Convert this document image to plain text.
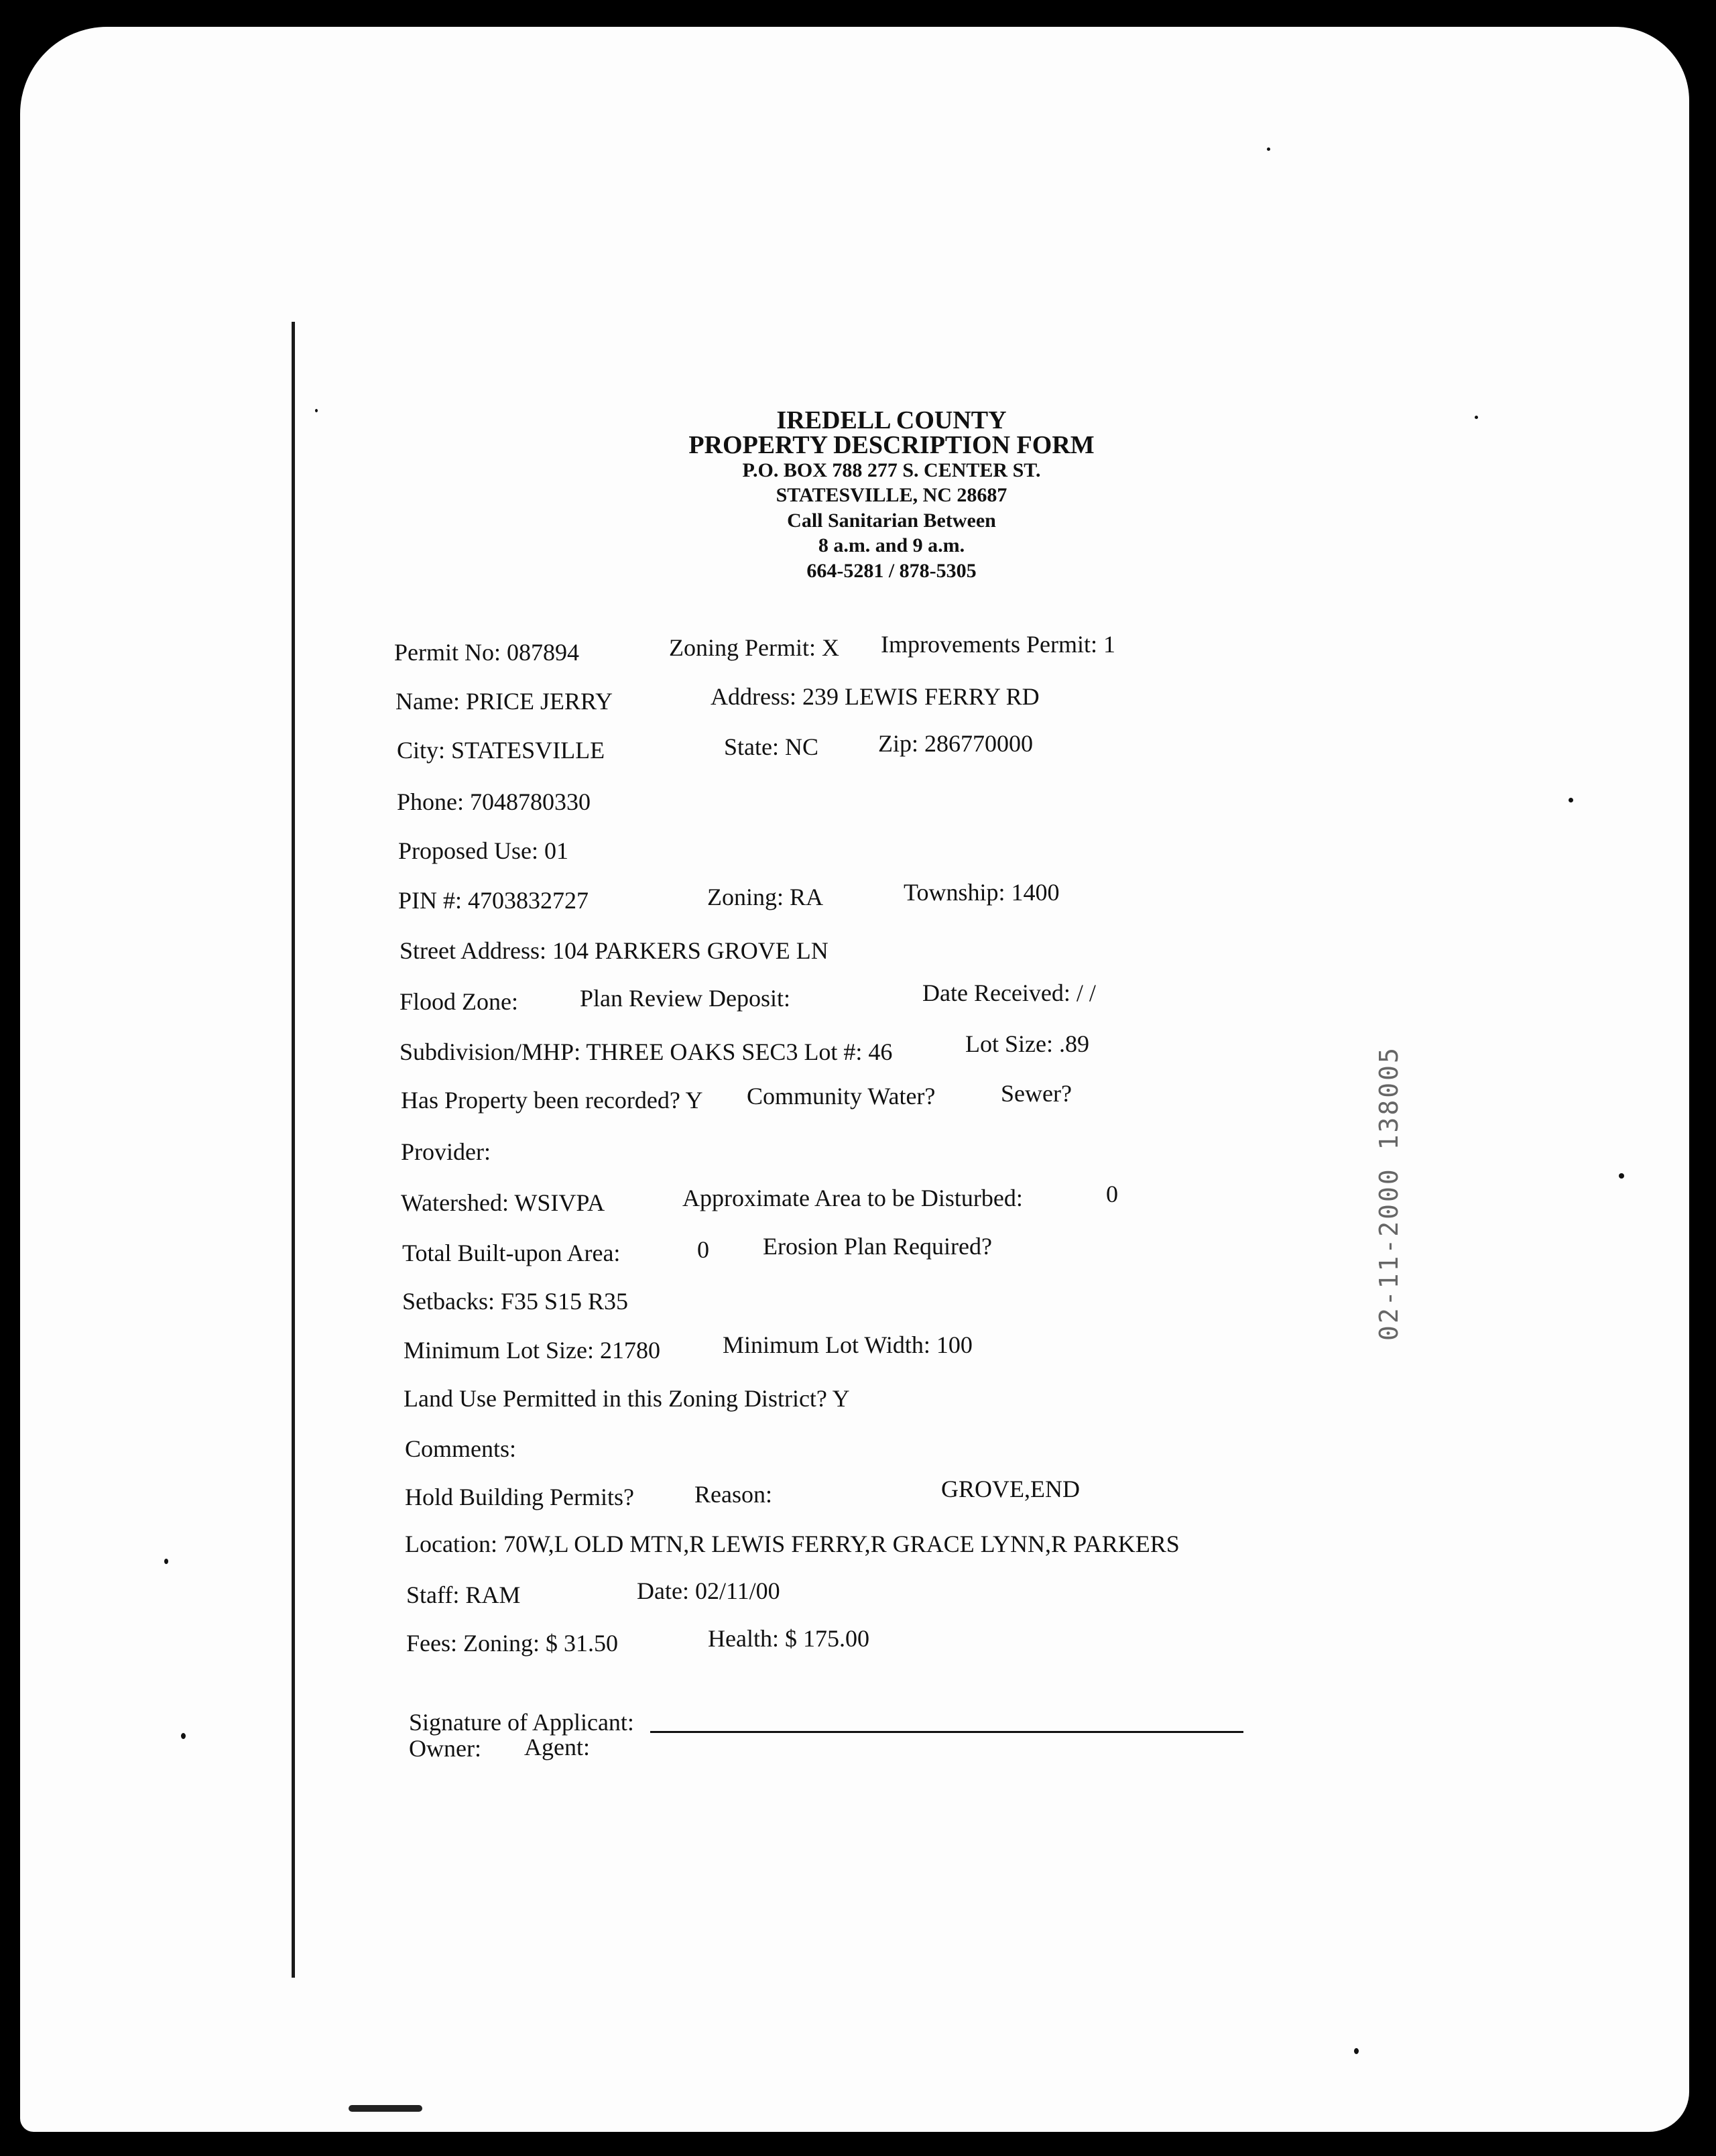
IREDELL COUNTY
PROPERTY DESCRIPTION FORM
P.O. BOX 788 277 S. CENTER ST.
STATESVILLE, NC 28687
Call Sanitarian Between
8 a.m. and 9 a.m.
664-5281 / 878-5305
Permit No: 087894	Zoning Permit: X Improvements Permit: 1
Name: PRICE JERRY	Address: 239 LEWIS FERRY RD
City: STATESVILLE	State: NC Zip: 286770000
Phone: 7048780330
Proposed Use: 01
PIN #: 4703832727	Zoning: RA	Township: 1400
Street Address: 104 PARKERS GROVE LN
Flood Zone:	Plan Review Deposit:	Date Received: / /
Subdivision/MHP: THREE OAKS SEC3 Lot #: 46	Lot Size: .89
Has Property been recorded? Y Community Water?	Sewer?
Provider:
Watershed: WSIVPA	Approximate Area to be Disturbed:	0
Total Built-upon Area:	0 Erosion Plan Required?
Setbacks: F35 S15 R35
Minimum Lot Size: 21780	Minimum Lot Width: 100
Land Use Permitted in this Zoning District? Y
Comments:
Hold Building Permits?	Reason:	GROVE,END
Location: 70W,L OLD MTN,R LEWIS FERRY,R GRACE LYNN,R PARKERS
Staff: RAM	Date: 02/11/00
Fees: Zoning: $ 31.50	Health: $ 175.00
Signature of Applicant:
Owner: Agent:
02-11-2000 138005
